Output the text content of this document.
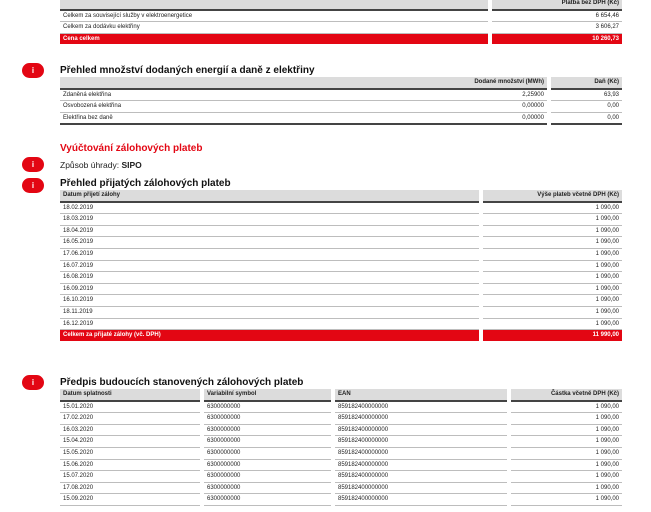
		Platba bez DPH (Kč)
Celkem za související služby v elektroenergetice		6 654,46
Celkem za dodávku elektřiny		3 606,27
Cena celkem		10 260,73
i	Přehled množství dodaných energií a daně z elektřiny
	Dodané množství (MWh)		Daň (Kč)
Zdaněná elektřina	2,25900		63,93
Osvobozená elektřina	0,00000		0,00
Elektřina bez daně	0,00000		0,00
Vyúčtování zálohových plateb
i	Způsob úhrady: SIPO
i	Přehled přijatých zálohových plateb
Datum přijetí zálohy		Výše plateb včetně DPH (Kč)
18.02.2019		1 090,00
18.03.2019		1 090,00
18.04.2019		1 090,00
16.05.2019		1 090,00
17.06.2019		1 090,00
16.07.2019		1 090,00
16.08.2019		1 090,00
16.09.2019		1 090,00
16.10.2019		1 090,00
18.11.2019		1 090,00
16.12.2019		1 090,00
Celkem za přijaté zálohy (vč. DPH)		11 990,00
i	Předpis budoucích stanovených zálohových plateb
Datum splatnosti		Variabilní symbol		EAN		Částka včetně DPH (Kč)
15.01.2020		6300000000		859182400000000		1 090,00
17.02.2020		6300000000		859182400000000		1 090,00
16.03.2020		6300000000		859182400000000		1 090,00
15.04.2020		6300000000		859182400000000		1 090,00
15.05.2020		6300000000		859182400000000		1 090,00
15.06.2020		6300000000		859182400000000		1 090,00
15.07.2020		6300000000		859182400000000		1 090,00
17.08.2020		6300000000		859182400000000		1 090,00
15.09.2020		6300000000		859182400000000		1 090,00
